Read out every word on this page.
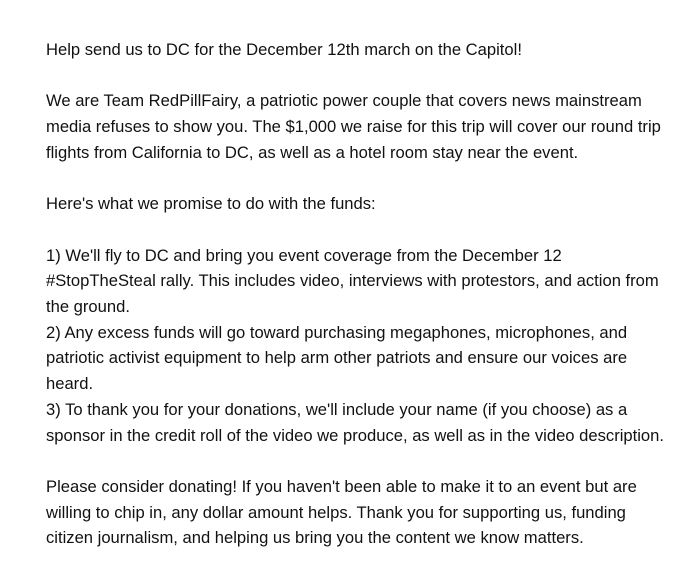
Help send us to DC for the December 12th march on the Capitol!

We are Team RedPillFairy, a patriotic power couple that covers news mainstream
media refuses to show you. The $1,000 we raise for this trip will cover our round trip
flights from California to DC, as well as a hotel room stay near the event.

Here's what we promise to do with the funds:

1) We'll fly to DC and bring you event coverage from the December 12
#StopTheSteal rally. This includes video, interviews with protestors, and action from
the ground.

2) Any excess funds will go toward purchasing megaphones, microphones, and
patriotic activist equipment to help arm other patriots and ensure our voices are
heard.

3) To thank you for your donations, we'll include your name (if you choose) as a
sponsor in the credit roll of the video we produce, as well as in the video description.

Please consider donating! If you haven't been able to make it to an event but are
willing to chip in, any dollar amount helps. Thank you for supporting us, funding
citizen journalism, and helping us bring you the content we know matters.
